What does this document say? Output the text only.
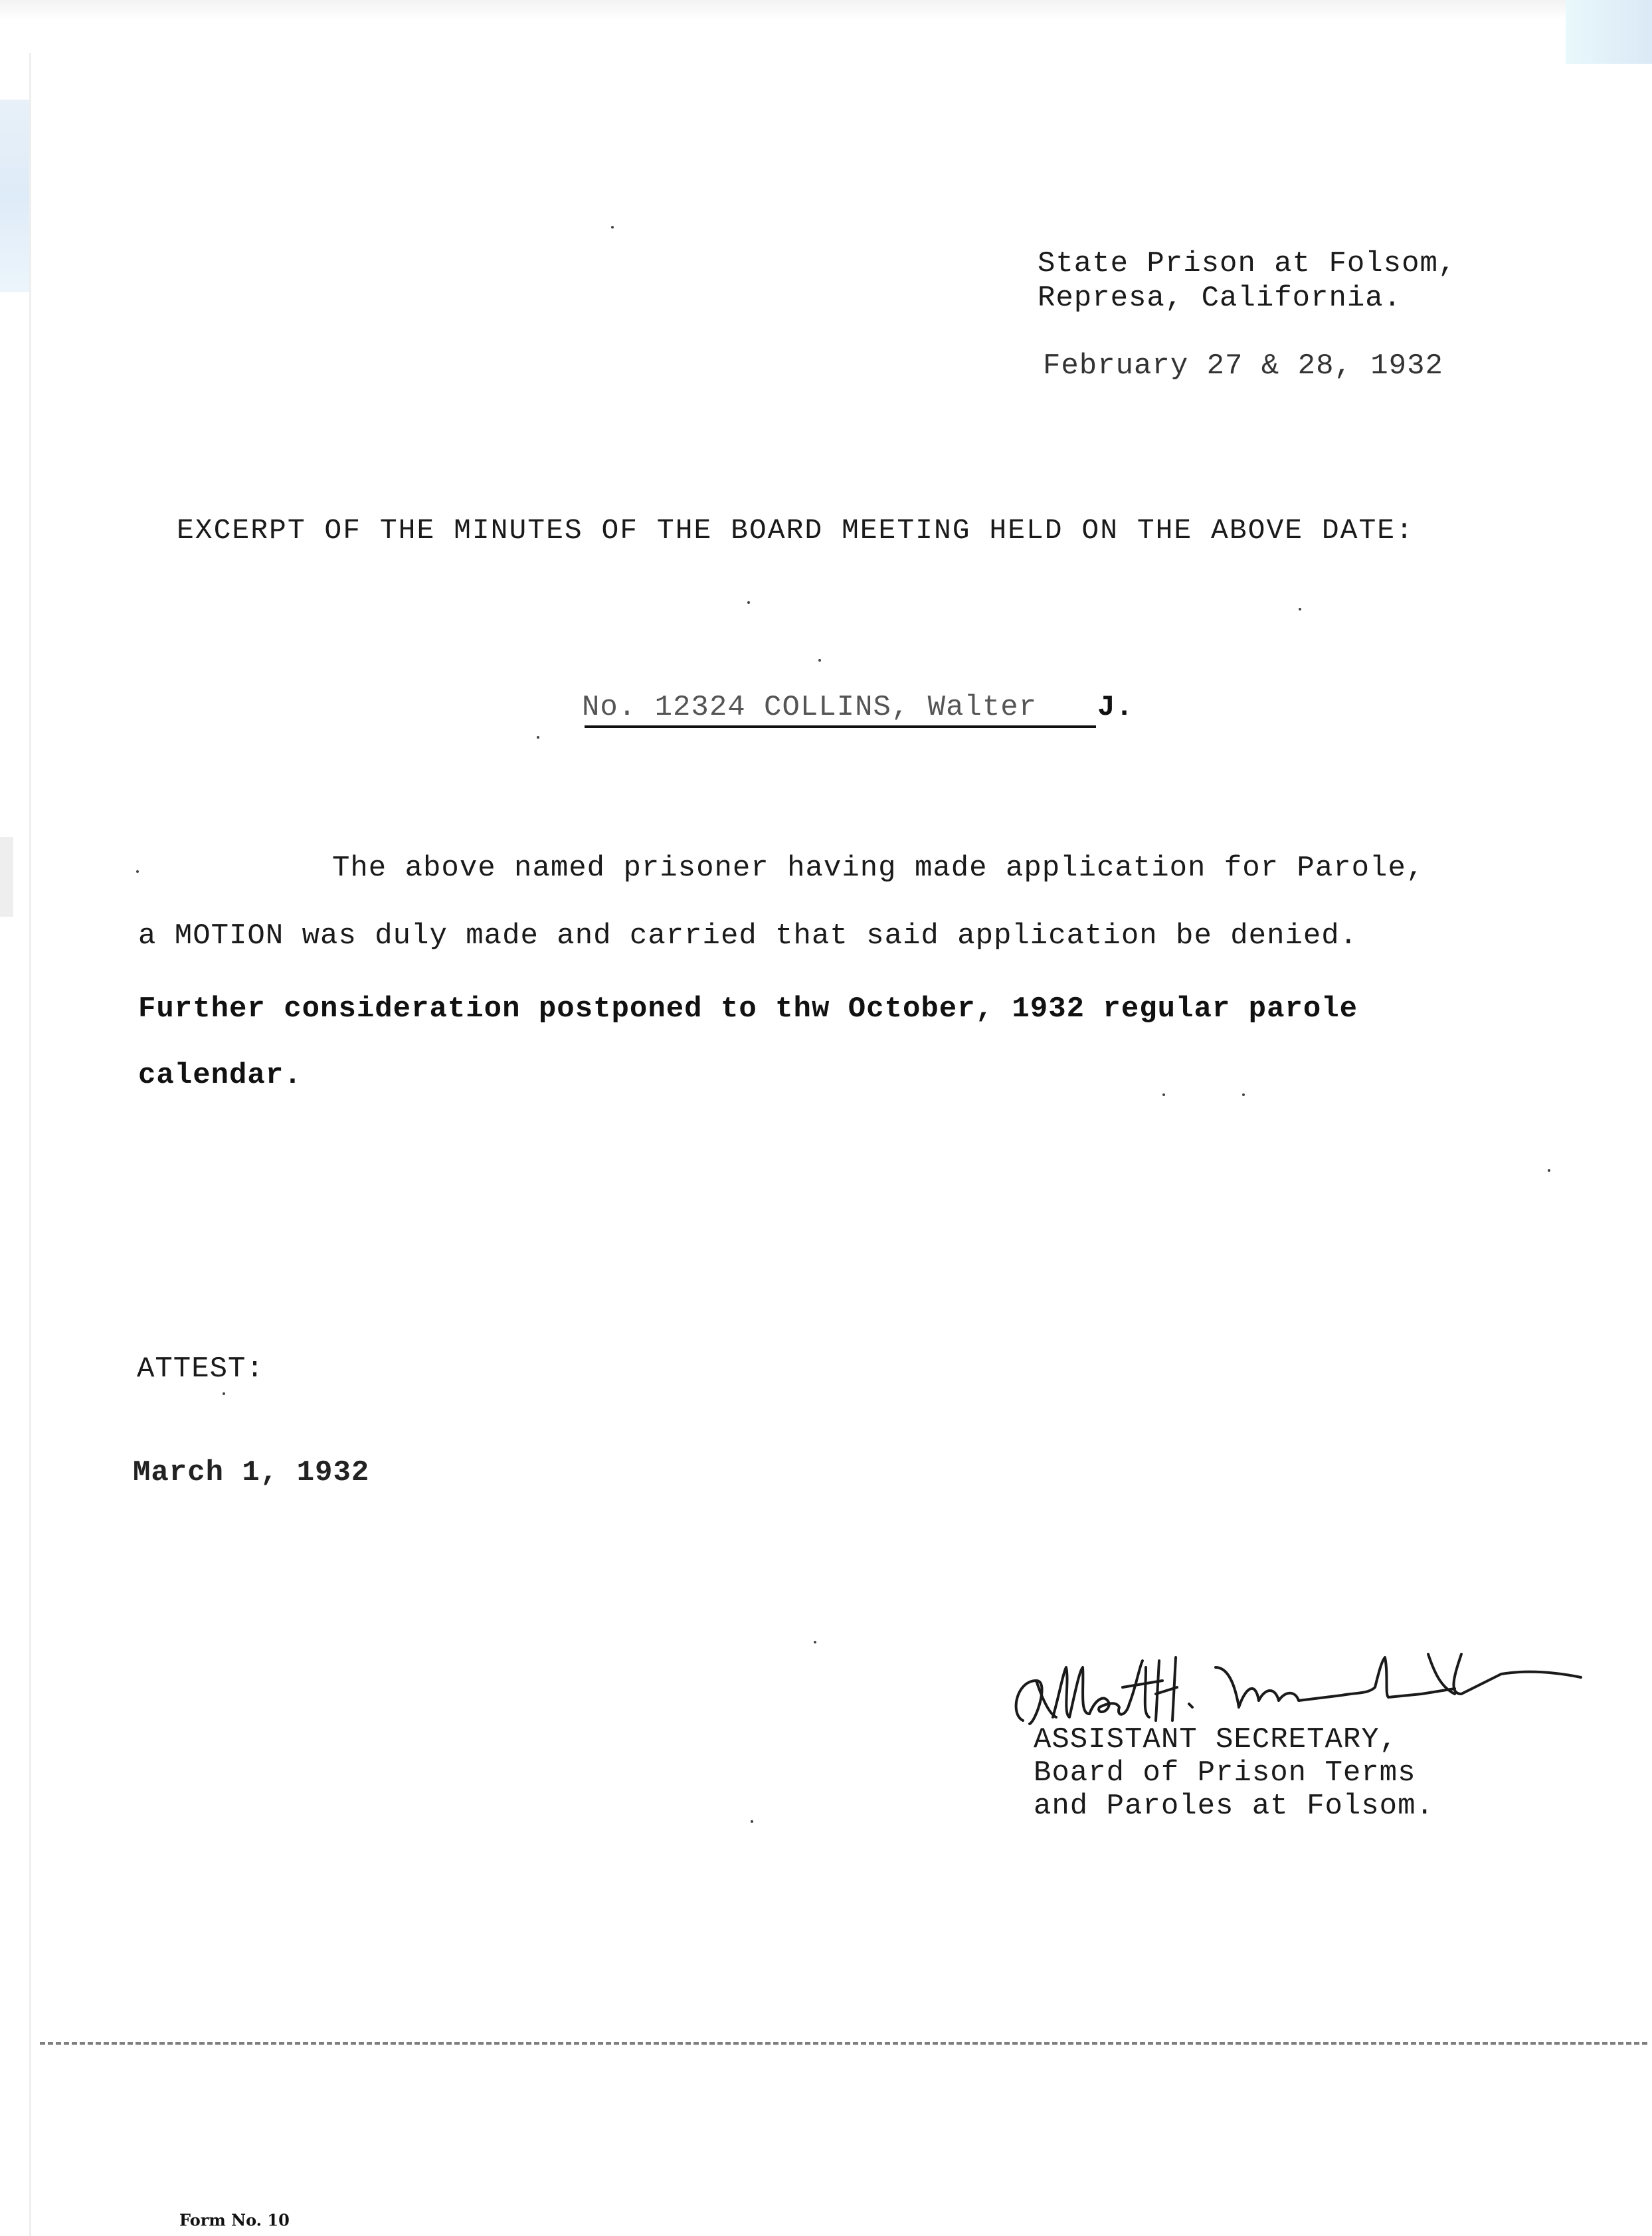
State Prison at Folsom,
Represa, California.
February 27 & 28, 1932
EXCERPT OF THE MINUTES OF THE BOARD MEETING HELD ON THE ABOVE DATE:
No. 12324 COLLINS, Walter J.
The above named prisoner having made application for Parole,
a MOTION was duly made and carried that said application be denied.
Further consideration postponed to thw October, 1932 regular parole
calendar.
ATTEST:
March 1, 1932
ASSISTANT SECRETARY,
Board of Prison Terms
and Paroles at Folsom.
Form No. 10
